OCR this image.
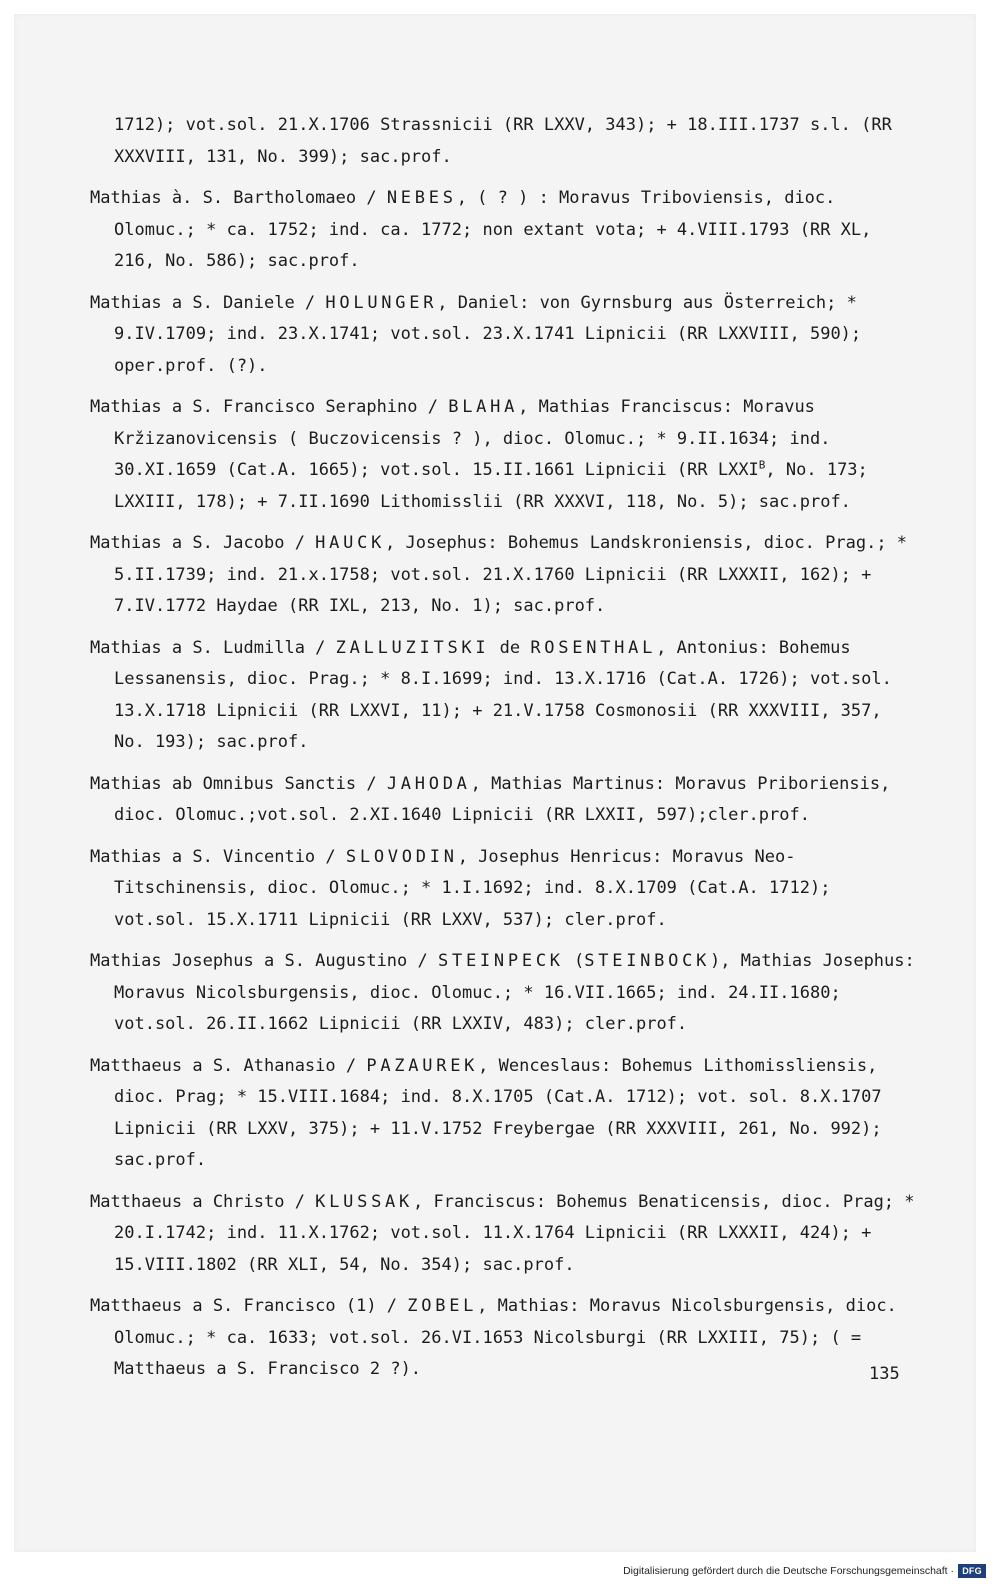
1712); vot.sol. 21.X.1706 Strassnicii (RR LXXV, 343); + 18.III.1737 s.l. (RR XXXVIII, 131, No. 399); sac.prof.

Mathias à. S. Bartholomaeo / NEBES, ( ? ) : Moravus Triboviensis, dioc. Olomuc.; * ca. 1752; ind. ca. 1772; non extant vota; + 4.VIII.1793 (RR XL, 216, No. 586); sac.prof.

Mathias a S. Daniele / HOLUNGER, Daniel: von Gyrnsburg aus Österreich; * 9.IV.1709; ind. 23.X.1741; vot.sol. 23.X.1741 Lipnicii (RR LXXVIII, 590); oper.prof. (?).

Mathias a S. Francisco Seraphino / BLAHA, Mathias Franciscus: Moravus Kržizanovicensis ( Buczovicensis ? ), dioc. Olomuc.; * 9.II.1634; ind. 30.XI.1659 (Cat.A. 1665); vot.sol. 15.II.1661 Lipnicii (RR $LXXI^B$, No. 173; LXXIII, 178); + 7.II.1690 Lithomisslii (RR XXXVI, 118, No. 5); sac.prof.

Mathias a S. Jacobo / HAUCK, Josephus: Bohemus Landskroniensis, dioc. Prag.; * 5.II.1739; ind. 21.x.1758; vot.sol. 21.X.1760 Lipnicii (RR LXXXII, 162); + 7.IV.1772 Haydae (RR IXL, 213, No. 1); sac.prof.

Mathias a S. Ludmilla / ZALLUZITSKI de ROSENTHAL, Antonius: Bohemus Lessanensis, dioc. Prag.; * 8.I.1699; ind. 13.X.1716 (Cat.A. 1726); vot.sol. 13.X.1718 Lipnicii (RR LXXVI, 11); + 21.V.1758 Cosmonosii (RR XXXVIII, 357, No. 193); sac.prof.

Mathias ab Omnibus Sanctis / JAHODA, Mathias Martinus: Moravus Priboriensis, dioc. Olomuc.;vot.sol. 2.XI.1640 Lipnicii (RR LXXII, 597);cler.prof.

Mathias a S. Vincentio / SLOVODIN, Josephus Henricus: Moravus Neo-Titschinensis, dioc. Olomuc.; * 1.I.1692; ind. 8.X.1709 (Cat.A. 1712); vot.sol. 15.X.1711 Lipnicii (RR LXXV, 537); cler.prof.

Mathias Josephus a S. Augustino / STEINPECK (STEINBOCK), Mathias Josephus: Moravus Nicolsburgensis, dioc. Olomuc.; * 16.VII.1665; ind. 24.II.1680; vot.sol. 26.II.1662 Lipnicii (RR LXXIV, 483); cler.prof.

Matthaeus a S. Athanasio / PAZAUREK, Wenceslaus: Bohemus Lithomissliensis, dioc. Prag; * 15.VIII.1684; ind. 8.X.1705 (Cat.A. 1712); vot. sol. 8.X.1707 Lipnicii (RR LXXV, 375); + 11.V.1752 Freybergae (RR XXXVIII, 261, No. 992); sac.prof.

Matthaeus a Christo / KLUSSAK, Franciscus: Bohemus Benaticensis, dioc. Prag; * 20.I.1742; ind. 11.X.1762; vot.sol. 11.X.1764 Lipnicii (RR LXXXII, 424); + 15.VIII.1802 (RR XLI, 54, No. 354); sac.prof.

Matthaeus a S. Francisco (1) / ZOBEL, Mathias: Moravus Nicolsburgensis, dioc. Olomuc.; * ca. 1633; vot.sol. 26.VI.1653 Nicolsburgi (RR LXXIII, 75); ( = Matthaeus a S. Francisco 2 ?).	135
Digitalisierung gefördert durch die Deutsche Forschungsgemeinschaft · DFG
